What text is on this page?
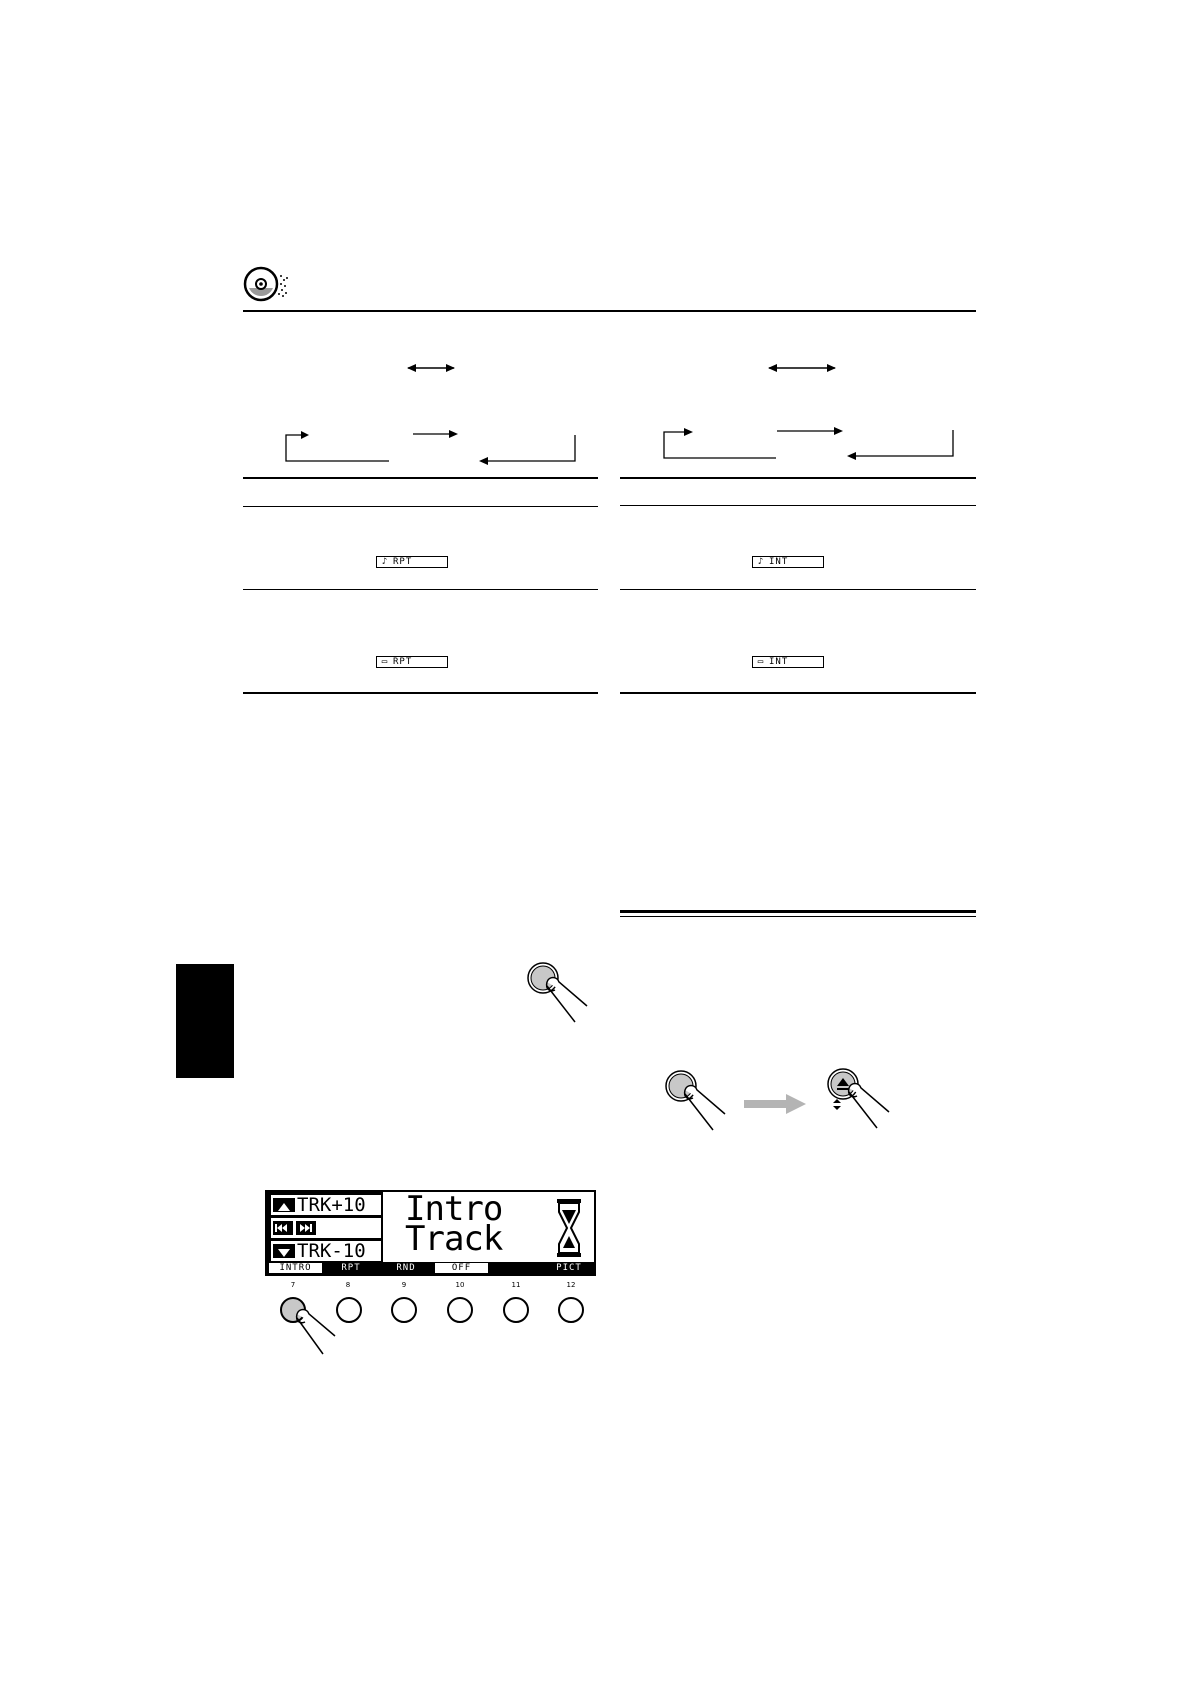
♪ RPT
▭ RPT
♪ INT
▭ INT
TRK+10
TRK-10
Intro
Track
INTRO	RPT	RND	OFF	PICT
7	8	9	10	11	12
